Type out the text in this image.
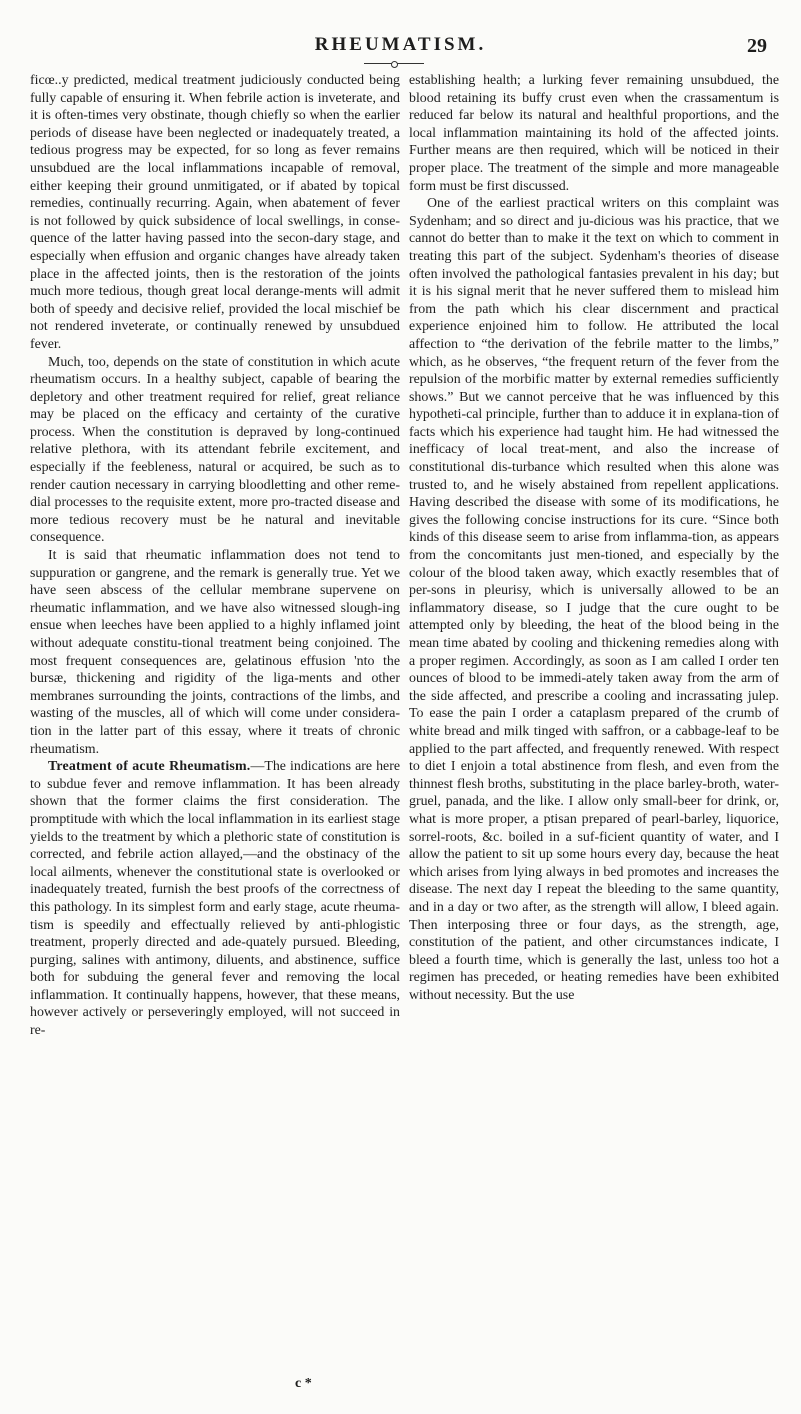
RHEUMATISM.	29

ficœ..y predicted, medical treatment judiciously conducted being fully capable of ensuring it. When febrile action is inveterate, and it is often-times very obstinate, though chiefly so when the earlier periods of disease have been neglected or inadequately treated, a tedious progress may be expected, for so long as fever remains unsubdued are the local inflammations incapable of removal, either keeping their ground unmitigated, or if abated by topical remedies, continually recurring. Again, when abatement of fever is not followed by quick subsidence of local swellings, in conse-quence of the latter having passed into the secon-dary stage, and especially when effusion and organic changes have already taken place in the affected joints, then is the restoration of the joints much more tedious, though great local derange-ments will admit both of speedy and decisive relief, provided the local mischief be not rendered inveterate, or continually renewed by unsubdued fever.

Much, too, depends on the state of constitution in which acute rheumatism occurs. In a healthy subject, capable of bearing the depletory and other treatment required for relief, great reliance may be placed on the efficacy and certainty of the curative process. When the constitution is depraved by long-continued relative plethora, with its attendant febrile excitement, and especially if the feebleness, natural or acquired, be such as to render caution necessary in carrying bloodletting and other reme-dial processes to the requisite extent, more pro-tracted disease and more tedious recovery must be he natural and inevitable consequence.

It is said that rheumatic inflammation does not tend to suppuration or gangrene, and the remark is generally true. Yet we have seen abscess of the cellular membrane supervene on rheumatic inflammation, and we have also witnessed slough-ing ensue when leeches have been applied to a highly inflamed joint without adequate constitu-tional treatment being conjoined. The most frequent consequences are, gelatinous effusion 'nto the bursæ, thickening and rigidity of the liga-ments and other membranes surrounding the joints, contractions of the limbs, and wasting of the muscles, all of which will come under considera-tion in the latter part of this essay, where it treats of chronic rheumatism.

Treatment of acute Rheumatism.—The indications are here to subdue fever and remove inflammation. It has been already shown that the former claims the first consideration. The promptitude with which the local inflammation in its earliest stage yields to the treatment by which a plethoric state of constitution is corrected, and febrile action allayed,—and the obstinacy of the local ailments, whenever the constitutional state is overlooked or inadequately treated, furnish the best proofs of the correctness of this pathology. In its simplest form and early stage, acute rheuma-tism is speedily and effectually relieved by anti-phlogistic treatment, properly directed and ade-quately pursued. Bleeding, purging, salines with antimony, diluents, and abstinence, suffice both for subduing the general fever and removing the local inflammation. It continually happens, however, that these means, however actively or perseveringly employed, will not succeed in re-

establishing health; a lurking fever remaining unsubdued, the blood retaining its buffy crust even when the crassamentum is reduced far below its natural and healthful proportions, and the local inflammation maintaining its hold of the affected joints. Further means are then required, which will be noticed in their proper place. The treatment of the simple and more manageable form must be first discussed.

One of the earliest practical writers on this complaint was Sydenham; and so direct and ju-dicious was his practice, that we cannot do better than to make it the text on which to comment in treating this part of the subject. Sydenham's theories of disease often involved the pathological fantasies prevalent in his day; but it is his signal merit that he never suffered them to mislead him from the path which his clear discernment and practical experience enjoined him to follow. He attributed the local affection to “the derivation of the febrile matter to the limbs,” which, as he observes, “the frequent return of the fever from the repulsion of the morbific matter by external remedies sufficiently shows.” But we cannot perceive that he was influenced by this hypotheti-cal principle, further than to adduce it in explana-tion of facts which his experience had taught him. He had witnessed the inefficacy of local treat-ment, and also the increase of constitutional dis-turbance which resulted when this alone was trusted to, and he wisely abstained from repellent applications. Having described the disease with some of its modifications, he gives the following concise instructions for its cure. “Since both kinds of this disease seem to arise from inflamma-tion, as appears from the concomitants just men-tioned, and especially by the colour of the blood taken away, which exactly resembles that of per-sons in pleurisy, which is universally allowed to be an inflammatory disease, so I judge that the cure ought to be attempted only by bleeding, the heat of the blood being in the mean time abated by cooling and thickening remedies along with a proper regimen. Accordingly, as soon as I am called I order ten ounces of blood to be immedi-ately taken away from the arm of the side affected, and prescribe a cooling and incrassating julep. To ease the pain I order a cataplasm prepared of the crumb of white bread and milk tinged with saffron, or a cabbage-leaf to be applied to the part affected, and frequently renewed. With respect to diet I enjoin a total abstinence from flesh, and even from the thinnest flesh broths, substituting in the place barley-broth, water-gruel, panada, and the like. I allow only small-beer for drink, or, what is more proper, a ptisan prepared of pearl-barley, liquorice, sorrel-roots, &c. boiled in a suf-ficient quantity of water, and I allow the patient to sit up some hours every day, because the heat which arises from lying always in bed promotes and increases the disease. The next day I repeat the bleeding to the same quantity, and in a day or two after, as the strength will allow, I bleed again. Then interposing three or four days, as the strength, age, constitution of the patient, and other circumstances indicate, I bleed a fourth time, which is generally the last, unless too hot a regimen has preceded, or heating remedies have been exhibited without necessity. But the use

c *
